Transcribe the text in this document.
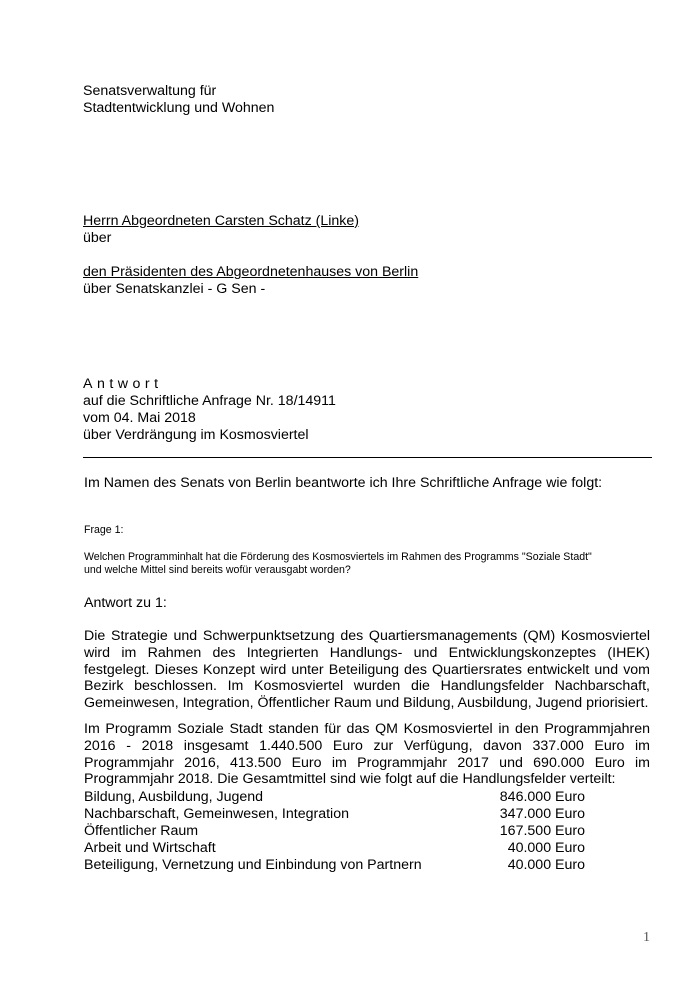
Senatsverwaltung für
Stadtentwicklung und Wohnen
Herrn Abgeordneten Carsten Schatz (Linke)
über
den Präsidenten des Abgeordnetenhauses von Berlin
über Senatskanzlei - G Sen -
Antwort
auf die Schriftliche Anfrage Nr. 18/14911
vom 04. Mai 2018
über Verdrängung im Kosmosviertel
Im Namen des Senats von Berlin beantworte ich Ihre Schriftliche Anfrage wie folgt:
Frage 1:
Welchen Programminhalt hat die Förderung des Kosmosviertels im Rahmen des Programms "Soziale Stadt"
und welche Mittel sind bereits wofür verausgabt worden?
Antwort zu 1:
Die Strategie und Schwerpunktsetzung des Quartiersmanagements (QM) Kosmosviertel wird im Rahmen des Integrierten Handlungs- und Entwicklungskonzeptes (IHEK) festgelegt. Dieses Konzept wird unter Beteiligung des Quartiersrates entwickelt und vom Bezirk beschlossen. Im Kosmosviertel wurden die Handlungsfelder Nachbarschaft, Gemeinwesen, Integration, Öffentlicher Raum und Bildung, Ausbildung, Jugend priorisiert.
Im Programm Soziale Stadt standen für das QM Kosmosviertel in den Programmjahren 2016 - 2018 insgesamt 1.440.500 Euro zur Verfügung, davon 337.000 Euro im Programmjahr 2016, 413.500 Euro im Programmjahr 2017 und 690.000 Euro im Programmjahr 2018. Die Gesamtmittel sind wie folgt auf die Handlungsfelder verteilt:
Bildung, Ausbildung, Jugend	846.000 Euro
Nachbarschaft, Gemeinwesen, Integration	347.000 Euro
Öffentlicher Raum	167.500 Euro
Arbeit und Wirtschaft	40.000 Euro
Beteiligung, Vernetzung und Einbindung von Partnern	40.000 Euro
1
